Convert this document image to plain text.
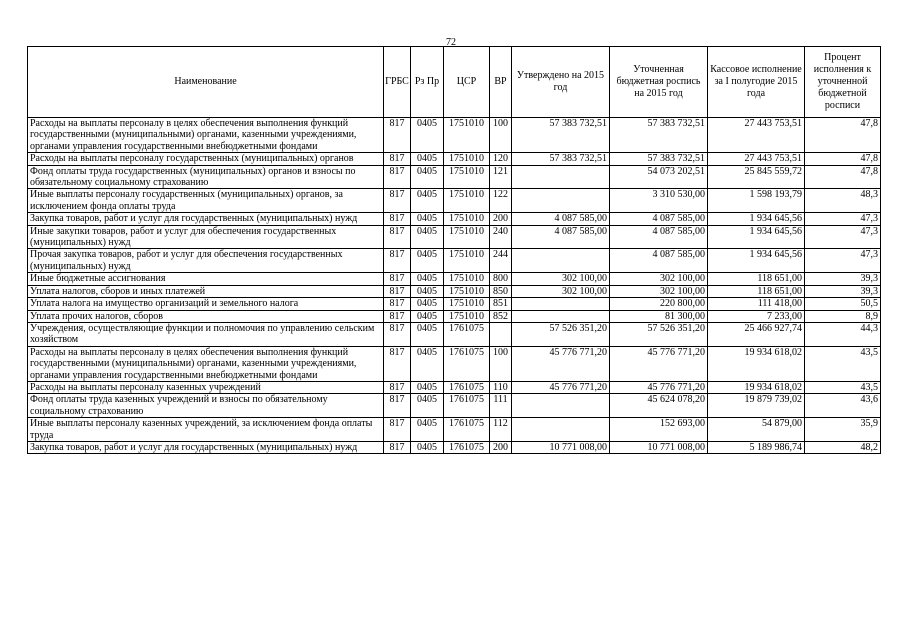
72
Наименование	ГРБС	Рз Пр	ЦСР	ВР	Утверждено на 2015 год	Уточненная бюджетная роспись на 2015 год	Кассовое исполнение за I полугодие 2015 года	Процент исполнения к уточненной бюджетной росписи
Расходы на выплаты персоналу в целях обеспечения выполнения функций государственными (муниципальными) органами, казенными учреждениями, органами управления государственными внебюджетными фондами	817	0405	1751010	100	57 383 732,51	57 383 732,51	27 443 753,51	47,8
Расходы на выплаты персоналу государственных (муниципальных) органов	817	0405	1751010	120	57 383 732,51	57 383 732,51	27 443 753,51	47,8
Фонд оплаты труда государственных (муниципальных) органов и взносы по обязательному социальному страхованию	817	0405	1751010	121		54 073 202,51	25 845 559,72	47,8
Иные выплаты персоналу государственных (муниципальных) органов, за исключением фонда оплаты труда	817	0405	1751010	122		3 310 530,00	1 598 193,79	48,3
Закупка товаров, работ и услуг для государственных (муниципальных) нужд	817	0405	1751010	200	4 087 585,00	4 087 585,00	1 934 645,56	47,3
Иные закупки товаров, работ и услуг для обеспечения государственных (муниципальных) нужд	817	0405	1751010	240	4 087 585,00	4 087 585,00	1 934 645,56	47,3
Прочая закупка товаров, работ и услуг для обеспечения государственных (муниципальных) нужд	817	0405	1751010	244		4 087 585,00	1 934 645,56	47,3
Иные бюджетные ассигнования	817	0405	1751010	800	302 100,00	302 100,00	118 651,00	39,3
Уплата налогов, сборов и иных платежей	817	0405	1751010	850	302 100,00	302 100,00	118 651,00	39,3
Уплата налога на имущество организаций и земельного налога	817	0405	1751010	851		220 800,00	111 418,00	50,5
Уплата прочих налогов, сборов	817	0405	1751010	852		81 300,00	7 233,00	8,9
Учреждения, осуществляющие функции и полномочия по управлению сельским хозяйством	817	0405	1761075		57 526 351,20	57 526 351,20	25 466 927,74	44,3
Расходы на выплаты персоналу в целях обеспечения выполнения функций государственными (муниципальными) органами, казенными учреждениями, органами управления государственными внебюджетными фондами	817	0405	1761075	100	45 776 771,20	45 776 771,20	19 934 618,02	43,5
Расходы на выплаты персоналу казенных учреждений	817	0405	1761075	110	45 776 771,20	45 776 771,20	19 934 618,02	43,5
Фонд оплаты труда казенных учреждений и взносы по обязательному социальному страхованию	817	0405	1761075	111		45 624 078,20	19 879 739,02	43,6
Иные выплаты персоналу казенных учреждений, за исключением фонда оплаты труда	817	0405	1761075	112		152 693,00	54 879,00	35,9
Закупка товаров, работ и услуг для государственных (муниципальных) нужд	817	0405	1761075	200	10 771 008,00	10 771 008,00	5 189 986,74	48,2
